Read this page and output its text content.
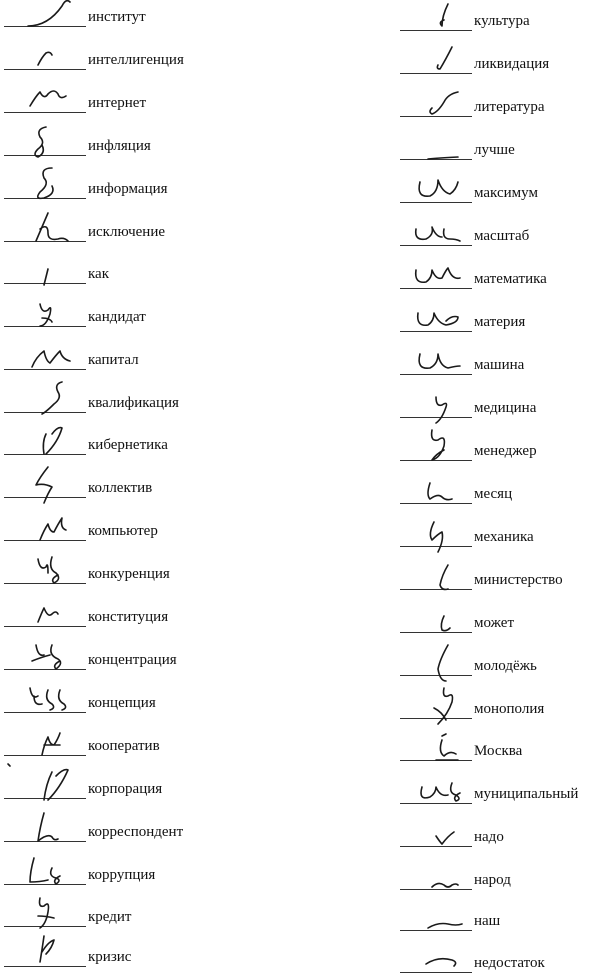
институт
интеллигенция
интернет
инфляция
информация
исключение
как
кандидат
капитал
квалификация
кибернетика
коллектив
компьютер
конкуренция
конституция
концентрация
концепция
кооператив
корпорация
корреспондент
коррупция
кредит
кризис
культура
ликвидация
литература
лучше
максимум
масштаб
математика
материя
машина
медицина
менеджер
месяц
механика
министерство
может
молодёжь
монополия
Москва
муниципальный
надо
народ
наш
недостаток
